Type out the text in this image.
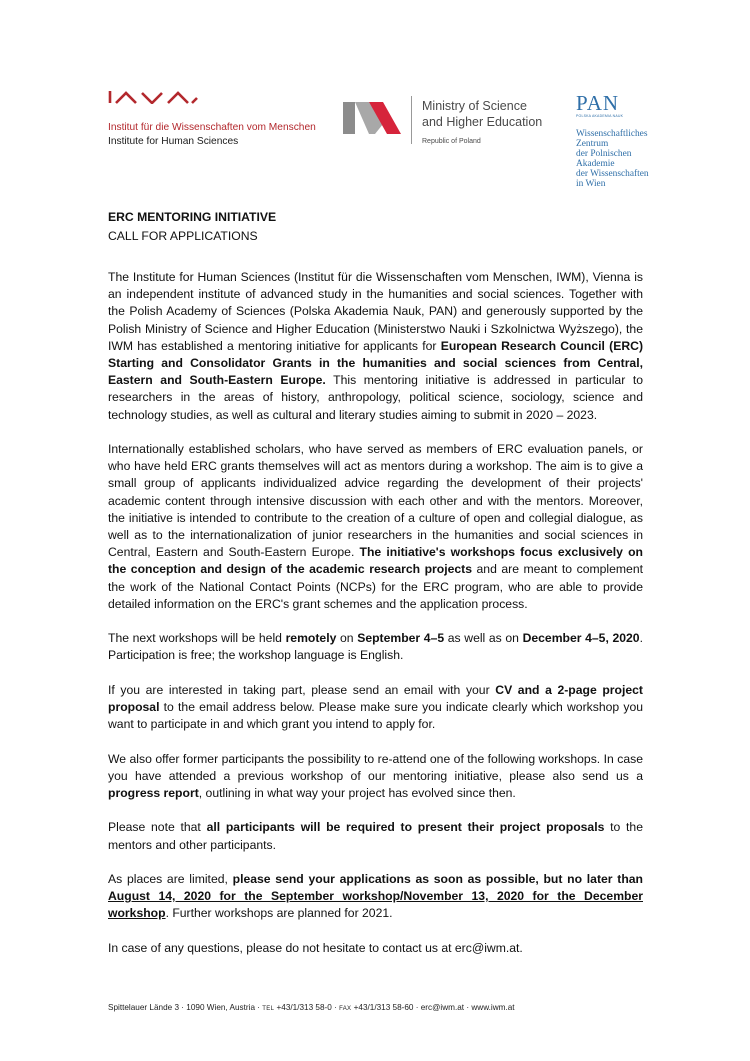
Institut für die Wissenschaften vom Menschen
Institute for Human Sciences
Ministry of Science
and Higher Education
Republic of Poland
PAN
POLSKA AKADEMIA NAUK
Wissenschaftliches
Zentrum
der Polnischen
Akademie
der Wissenschaften
in Wien
ERC MENTORING INITIATIVE
CALL FOR APPLICATIONS

The Institute for Human Sciences (Institut für die Wissenschaften vom Menschen, IWM), Vienna is an independent institute of advanced study in the humanities and social sciences. Together with the Polish Academy of Sciences (Polska Akademia Nauk, PAN) and generously supported by the Polish Ministry of Science and Higher Education (Ministerstwo Nauki i Szkolnictwa Wyższego), the IWM has established a mentoring initiative for applicants for European Research Council (ERC) Starting and Consolidator Grants in the humanities and social sciences from Central, Eastern and South-Eastern Europe. This mentoring initiative is addressed in particular to researchers in the areas of history, anthropology, political science, sociology, science and technology studies, as well as cultural and literary studies aiming to submit in 2020 – 2023.

Internationally established scholars, who have served as members of ERC evaluation panels, or who have held ERC grants themselves will act as mentors during a workshop. The aim is to give a small group of applicants individualized advice regarding the development of their projects' academic content through intensive discussion with each other and with the mentors. Moreover, the initiative is intended to contribute to the creation of a culture of open and collegial dialogue, as well as to the internationalization of junior researchers in the humanities and social sciences in Central, Eastern and South-Eastern Europe. The initiative's workshops focus exclusively on the conception and design of the academic research projects and are meant to complement the work of the National Contact Points (NCPs) for the ERC program, who are able to provide detailed information on the ERC's grant schemes and the application process.

The next workshops will be held remotely on September 4–5 as well as on December 4–5, 2020. Participation is free; the workshop language is English.

If you are interested in taking part, please send an email with your CV and a 2-page project proposal to the email address below. Please make sure you indicate clearly which workshop you want to participate in and which grant you intend to apply for.

We also offer former participants the possibility to re-attend one of the following workshops. In case you have attended a previous workshop of our mentoring initiative, please also send us a progress report, outlining in what way your project has evolved since then.

Please note that all participants will be required to present their project proposals to the mentors and other participants.

As places are limited, please send your applications as soon as possible, but no later than August 14, 2020 for the September workshop/November 13, 2020 for the December workshop. Further workshops are planned for 2021.

In case of any questions, please do not hesitate to contact us at erc@iwm.at.

Spittelauer Lände 3 · 1090 Wien, Austria · TEL +43/1/313 58-0 · FAX +43/1/313 58-60 · erc@iwm.at · www.iwm.at
